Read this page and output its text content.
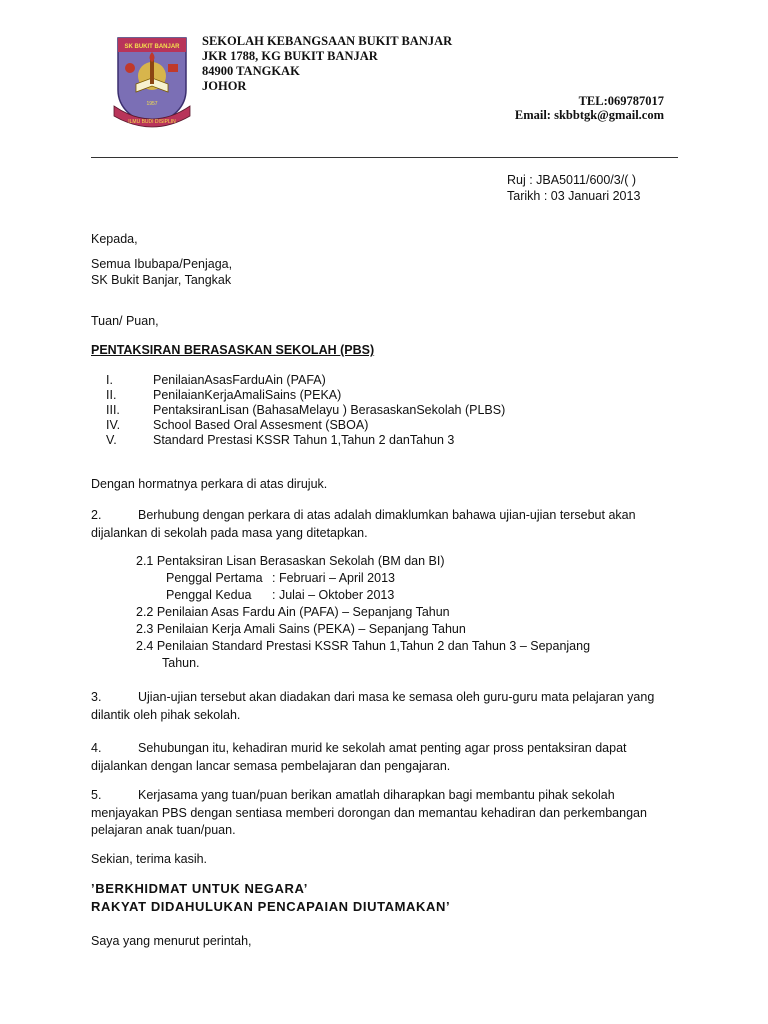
SK BUKIT BANJAR
ILMU BUDI DISIPLIN
1957
SEKOLAH KEBANGSAAN BUKIT BANJAR
JKR 1788, KG BUKIT BANJAR
84900 TANGKAK
JOHOR
TEL:069787017
Email: skbbtgk@gmail.com
Ruj : JBA5011/600/3/( )
Tarikh : 03 Januari 2013
Kepada,
Semua Ibubapa/Penjaga,
SK Bukit Banjar, Tangkak
Tuan/ Puan,
PENTAKSIRAN BERASASKAN SEKOLAH (PBS)
I.	PenilaianAsasFarduAin (PAFA)
II.	PenilaianKerjaAmaliSains (PEKA)
III.	PentaksiranLisan (BahasaMelayu ) BerasaskanSekolah (PLBS)
IV.	School Based Oral Assesment (SBOA)
V.	Standard Prestasi KSSR Tahun 1,Tahun 2 danTahun 3
Dengan hormatnya perkara di atas dirujuk.
2.	Berhubung dengan perkara di atas adalah dimaklumkan bahawa ujian-ujian tersebut akan
dijalankan di sekolah pada masa yang ditetapkan.
2.1 Pentaksiran Lisan Berasaskan Sekolah (BM dan BI)
Penggal Pertama : Februari – April 2013
Penggal Kedua : Julai – Oktober 2013
2.2 Penilaian Asas Fardu Ain (PAFA) – Sepanjang Tahun
2.3 Penilaian Kerja Amali Sains (PEKA) – Sepanjang Tahun
2.4 Penilaian Standard Prestasi KSSR Tahun 1,Tahun 2 dan Tahun 3 – Sepanjang
Tahun.
3.	Ujian-ujian tersebut akan diadakan dari masa ke semasa oleh guru-guru mata pelajaran yang
dilantik oleh pihak sekolah.
4.	Sehubungan itu, kehadiran murid ke sekolah amat penting agar pross pentaksiran dapat
dijalankan dengan lancar semasa pembelajaran dan pengajaran.
5.	Kerjasama yang tuan/puan berikan amatlah diharapkan bagi membantu pihak sekolah
menjayakan PBS dengan sentiasa memberi dorongan dan memantau kehadiran dan perkembangan
pelajaran anak tuan/puan.
Sekian, terima kasih.
’BERKHIDMAT UNTUK NEGARA’
RAKYAT DIDAHULUKAN PENCAPAIAN DIUTAMAKAN’
Saya yang menurut perintah,
